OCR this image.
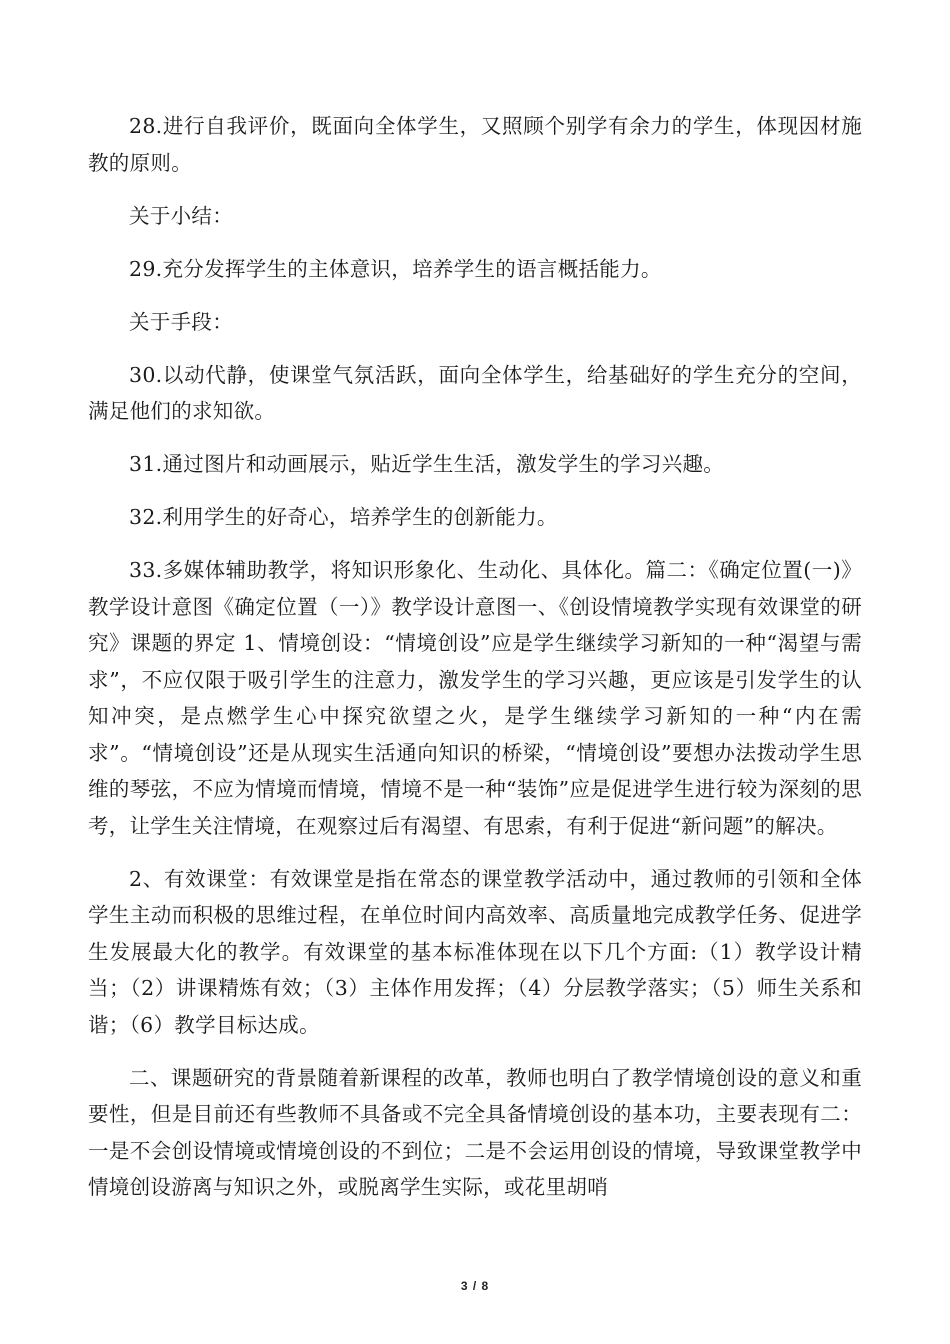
28.进行自我评价，既面向全体学生，又照顾个别学有余力的学生，体现因材施教的原则。

关于小结：

29.充分发挥学生的主体意识，培养学生的语言概括能力。

关于手段：

30.以动代静，使课堂气氛活跃，面向全体学生，给基础好的学生充分的空间，满足他们的求知欲。

31.通过图片和动画展示，贴近学生生活，激发学生的学习兴趣。

32.利用学生的好奇心，培养学生的创新能力。

33.多媒体辅助教学，将知识形象化、生动化、具体化。篇二：《确定位置(一)》教学设计意图《确定位置（一）》教学设计意图一、《创设情境教学实现有效课堂的研究》课题的界定 1、情境创设：“情境创设”应是学生继续学习新知的一种“渴望与需求”，不应仅限于吸引学生的注意力，激发学生的学习兴趣，更应该是引发学生的认知冲突，是点燃学生心中探究欲望之火，是学生继续学习新知的一种“内在需求”。“情境创设”还是从现实生活通向知识的桥梁，“情境创设”要想办法拨动学生思维的琴弦，不应为情境而情境，情境不是一种“装饰”应是促进学生进行较为深刻的思考，让学生关注情境，在观察过后有渴望、有思索，有利于促进“新问题”的解决。

2、有效课堂：有效课堂是指在常态的课堂教学活动中，通过教师的引领和全体学生主动而积极的思维过程，在单位时间内高效率、高质量地完成教学任务、促进学生发展最大化的教学。有效课堂的基本标准体现在以下几个方面:（1）教学设计精当；（2）讲课精炼有效；（3）主体作用发挥；（4）分层教学落实；（5）师生关系和谐；（6）教学目标达成。

二、课题研究的背景随着新课程的改革，教师也明白了教学情境创设的意义和重要性，但是目前还有些教师不具备或不完全具备情境创设的基本功，主要表现有二：一是不会创设情境或情境创设的不到位；二是不会运用创设的情境，导致课堂教学中情境创设游离与知识之外，或脱离学生实际，或花里胡哨

3 / 8
